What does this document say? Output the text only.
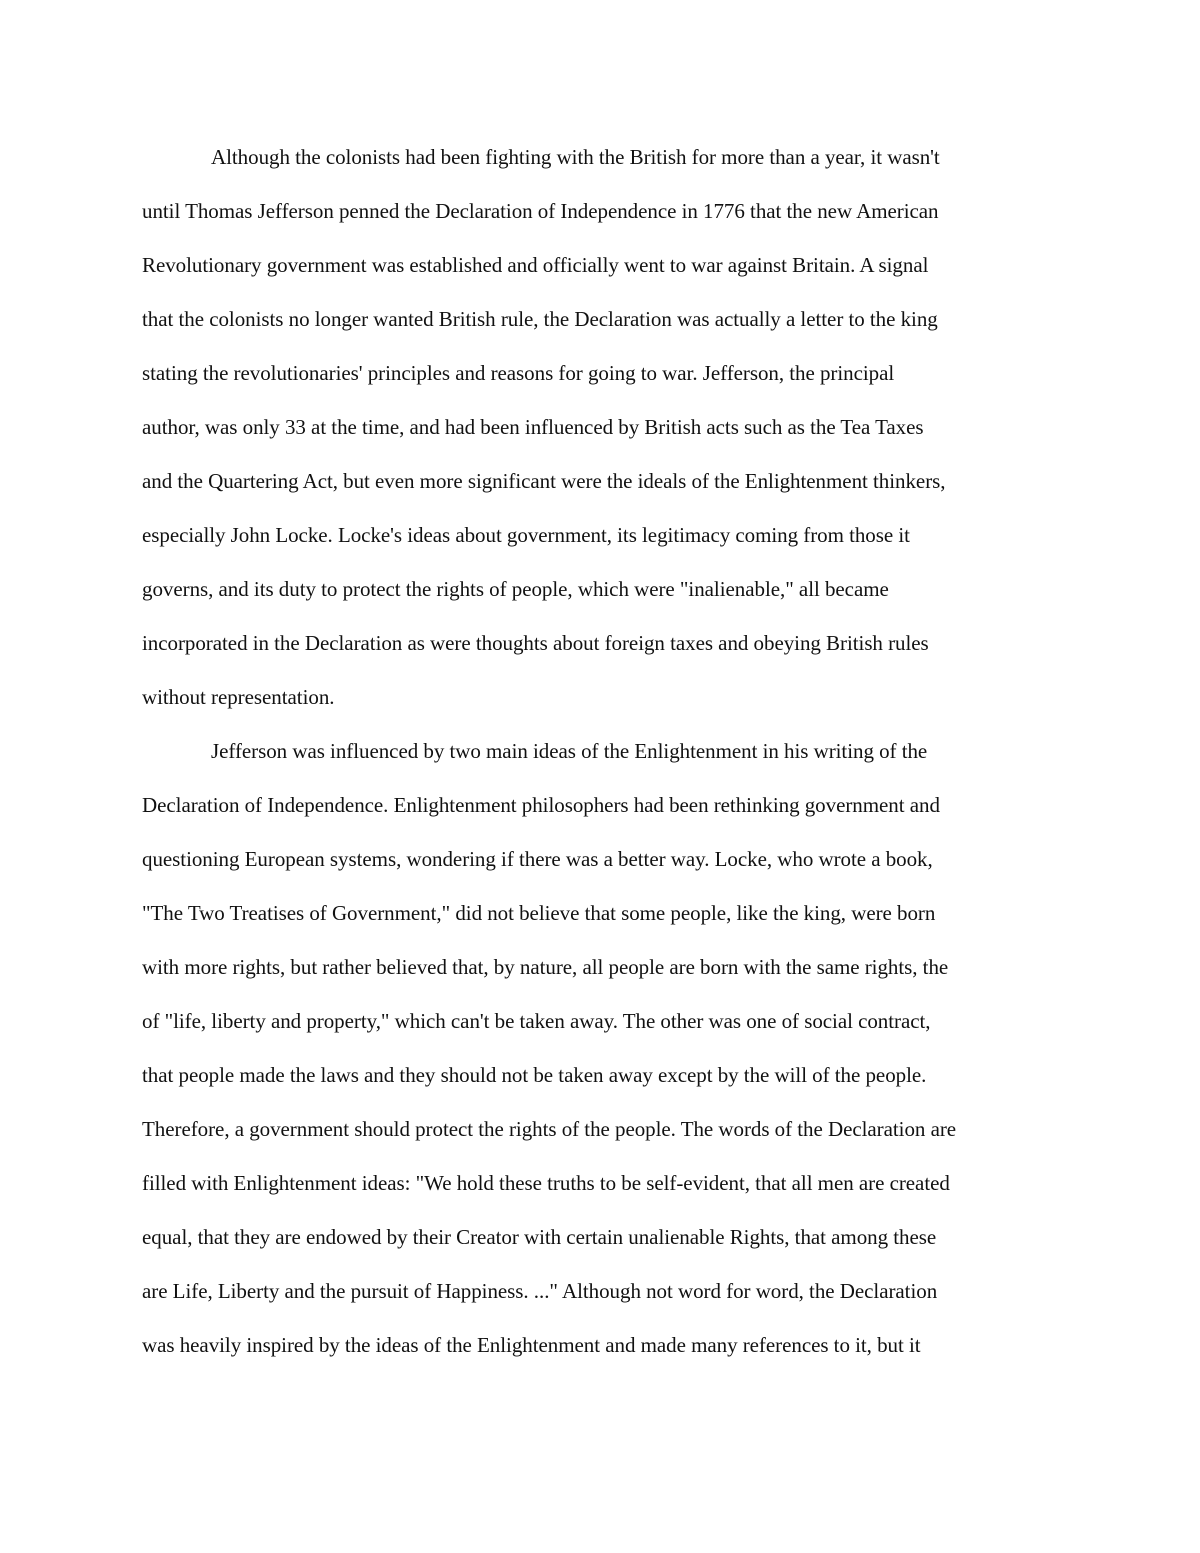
Although the colonists had been fighting with the British for more than a year, it wasn't
until Thomas Jefferson penned the Declaration of Independence in 1776 that the new American
Revolutionary government was established and officially went to war against Britain. A signal
that the colonists no longer wanted British rule, the Declaration was actually a letter to the king
stating the revolutionaries' principles and reasons for going to war. Jefferson, the principal
author, was only 33 at the time, and had been influenced by British acts such as the Tea Taxes
and the Quartering Act, but even more significant were the ideals of the Enlightenment thinkers,
especially John Locke. Locke's ideas about government, its legitimacy coming from those it
governs, and its duty to protect the rights of people, which were "inalienable," all became
incorporated in the Declaration as were thoughts about foreign taxes and obeying British rules
without representation.
Jefferson was influenced by two main ideas of the Enlightenment in his writing of the
Declaration of Independence. Enlightenment philosophers had been rethinking government and
questioning European systems, wondering if there was a better way. Locke, who wrote a book,
"The Two Treatises of Government," did not believe that some people, like the king, were born
with more rights, but rather believed that, by nature, all people are born with the same rights, the
of "life, liberty and property," which can't be taken away. The other was one of social contract,
that people made the laws and they should not be taken away except by the will of the people.
Therefore, a government should protect the rights of the people. The words of the Declaration are
filled with Enlightenment ideas: "We hold these truths to be self-evident, that all men are created
equal, that they are endowed by their Creator with certain unalienable Rights, that among these
are Life, Liberty and the pursuit of Happiness. ..." Although not word for word, the Declaration
was heavily inspired by the ideas of the Enlightenment and made many references to it, but it
